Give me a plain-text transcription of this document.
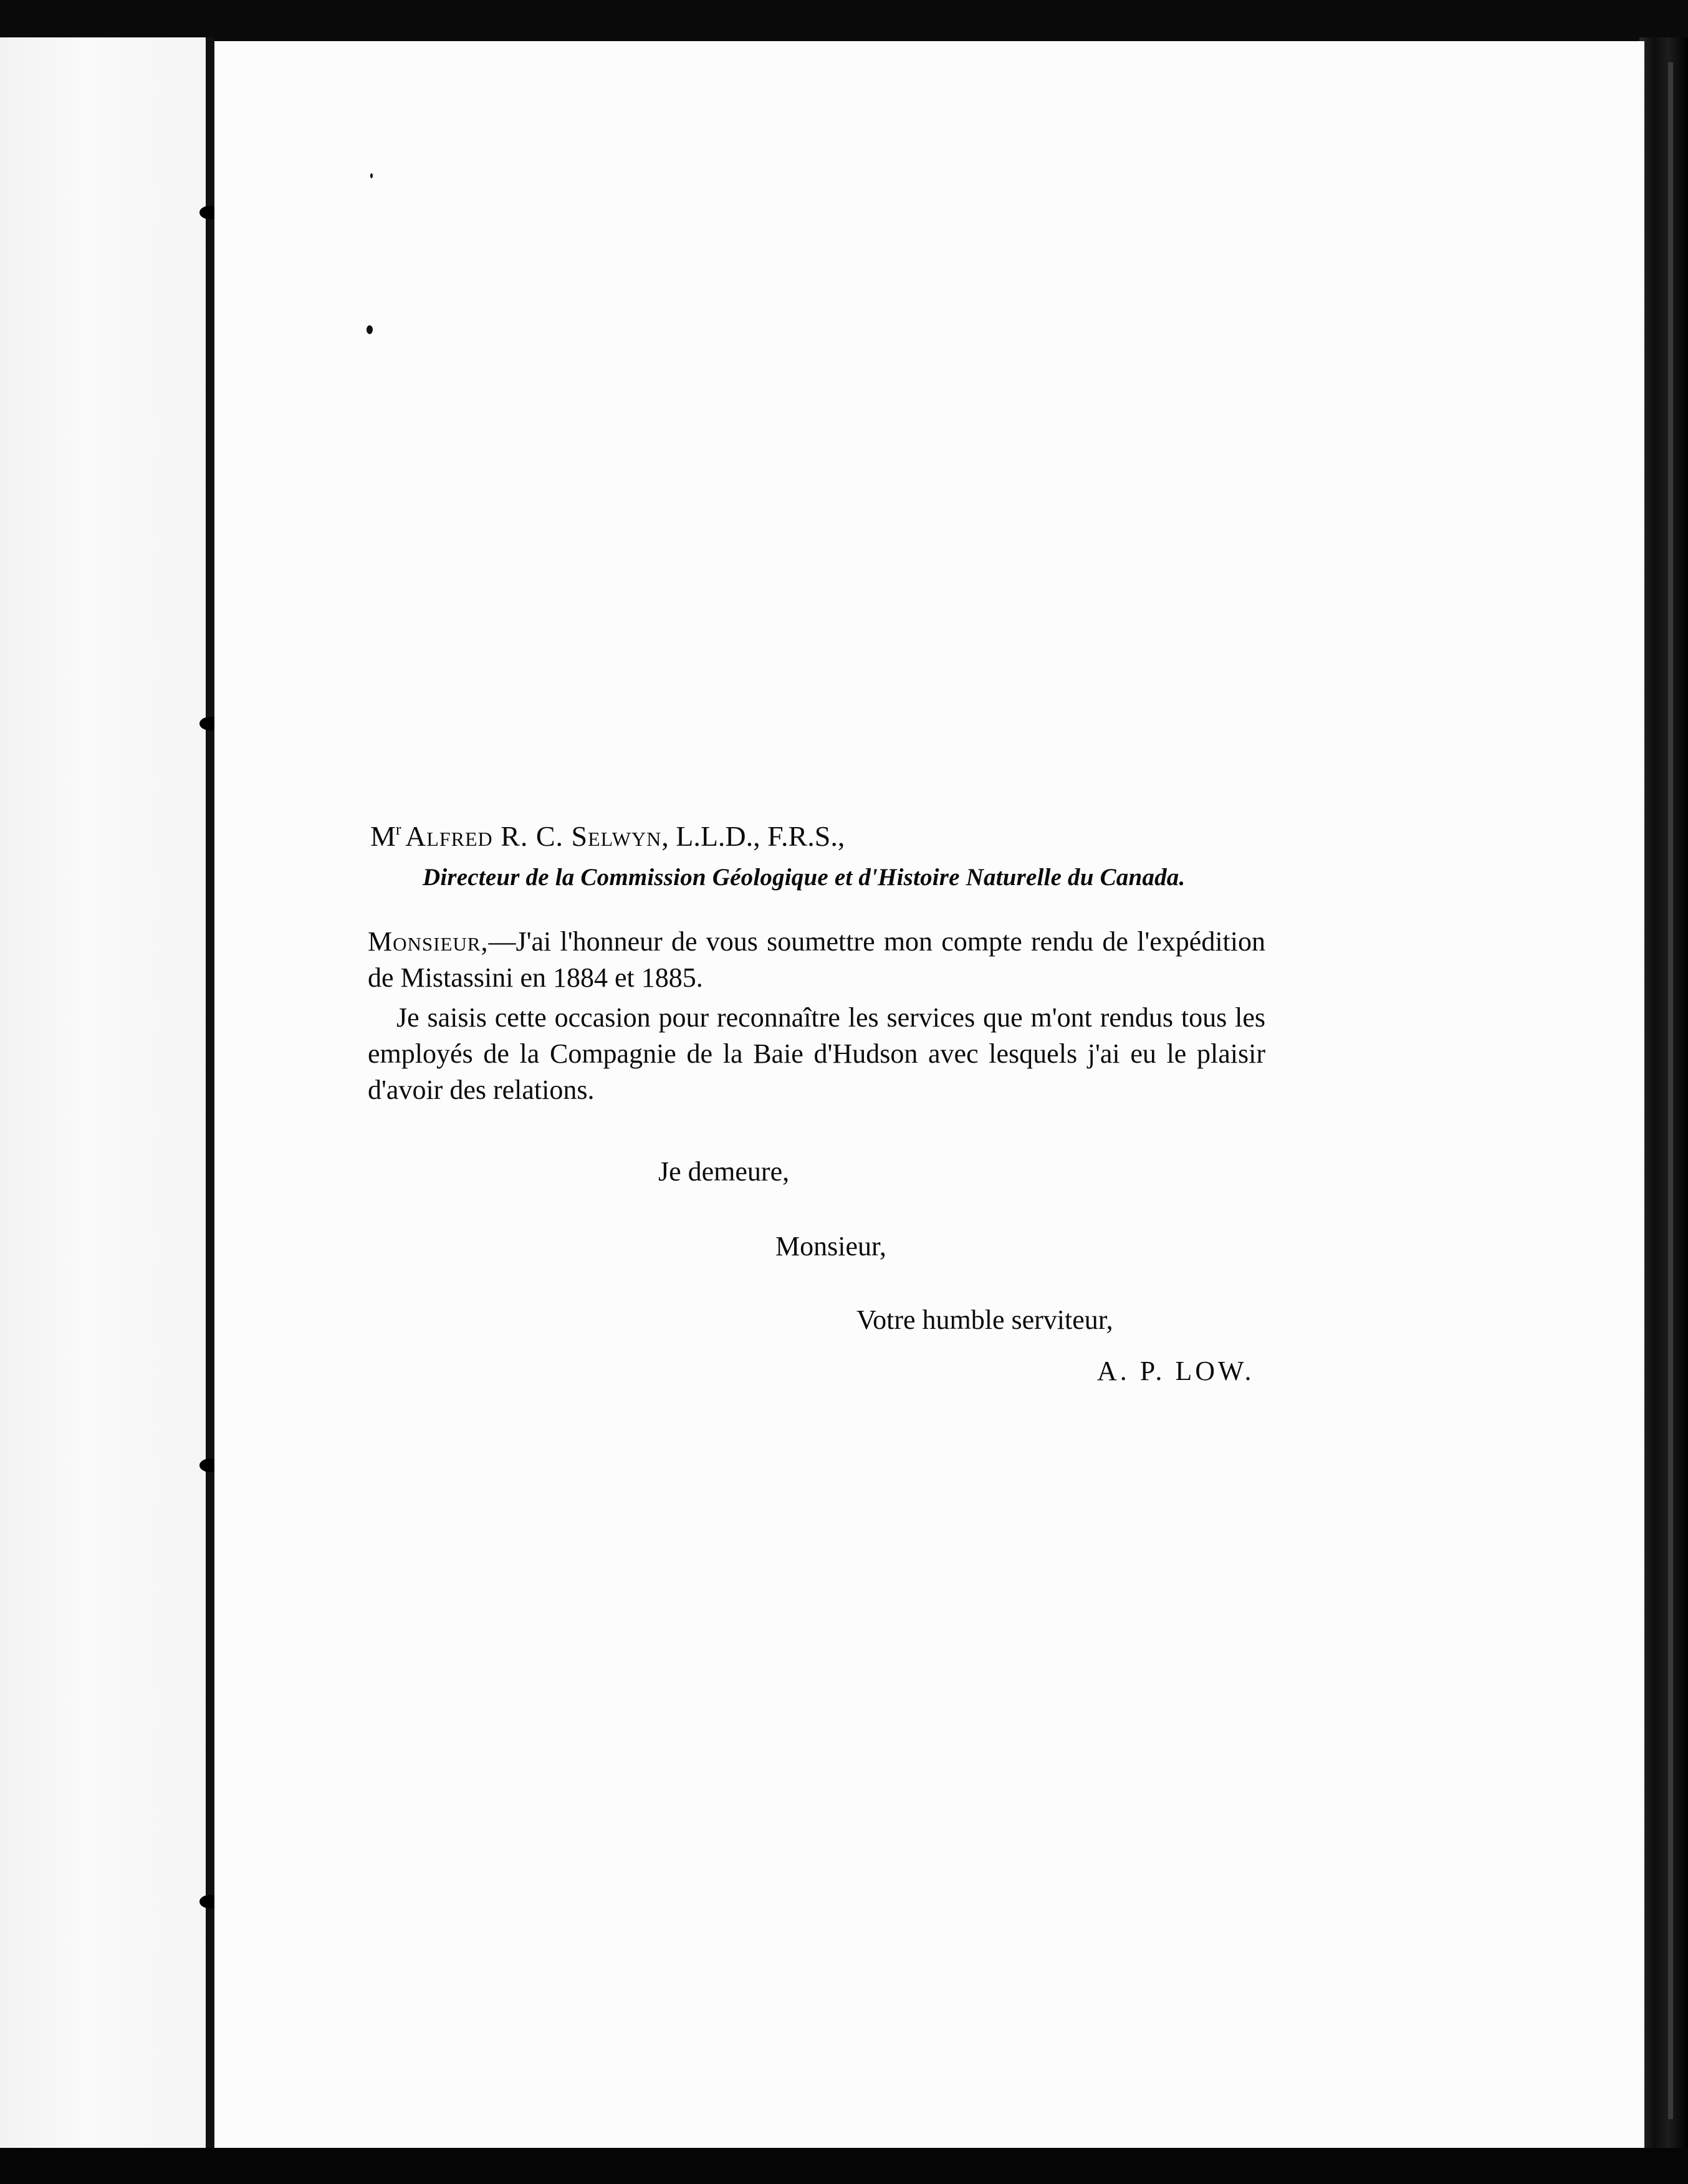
$M^r$ Alfred R. C. Selwyn, L.L.D., F.R.S.,
Directeur de la Commission Géologique et d'Histoire Naturelle du Canada.
Monsieur,—J'ai l'honneur de vous soumettre mon compte rendu de l'expédition de Mistassini en 1884 et 1885.
Je saisis cette occasion pour reconnaître les services que m'ont rendus tous les employés de la Compagnie de la Baie d'Hudson avec lesquels j'ai eu le plaisir d'avoir des relations.
Je demeure,
Monsieur,
Votre humble serviteur,
A. P. LOW.
